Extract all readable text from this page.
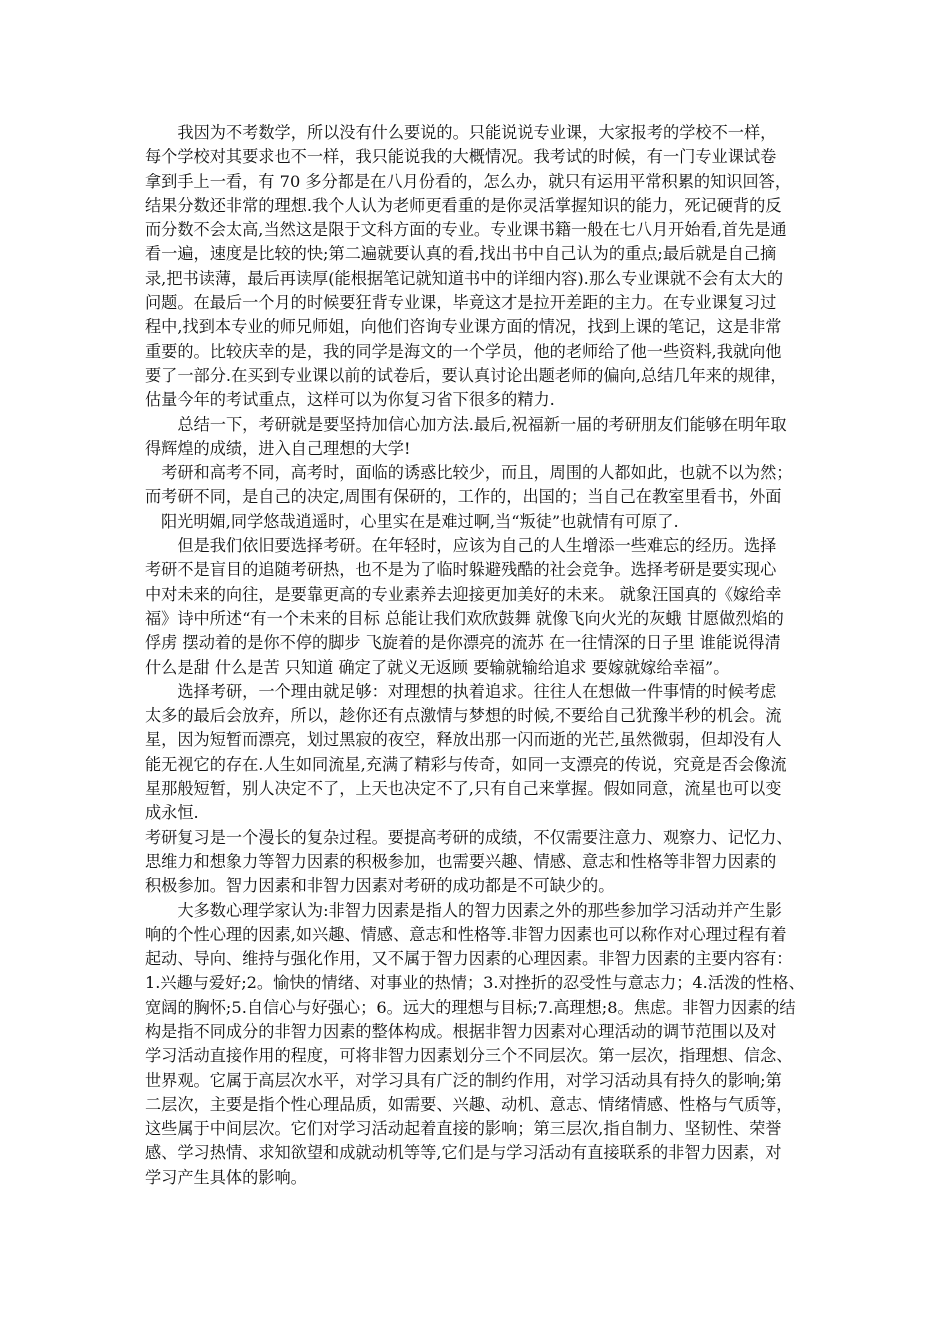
我因为不考数学，所以没有什么要说的。只能说说专业课，大家报考的学校不一样，
每个学校对其要求也不一样，我只能说我的大概情况。我考试的时候，有一门专业课试卷
拿到手上一看，有 70 多分都是在八月份看的，怎么办，就只有运用平常积累的知识回答，
结果分数还非常的理想.我个人认为老师更看重的是你灵活掌握知识的能力，死记硬背的反
而分数不会太高,当然这是限于文科方面的专业。专业课书籍一般在七八月开始看,首先是通
看一遍，速度是比较的快;第二遍就要认真的看,找出书中自己认为的重点;最后就是自己摘
录,把书读薄，最后再读厚(能根据笔记就知道书中的详细内容).那么专业课就不会有太大的
问题。在最后一个月的时候要狂背专业课，毕竟这才是拉开差距的主力。在专业课复习过
程中,找到本专业的师兄师姐，向他们咨询专业课方面的情况，找到上课的笔记，这是非常
重要的。比较庆幸的是，我的同学是海文的一个学员，他的老师给了他一些资料,我就向他
要了一部分.在买到专业课以前的试卷后，要认真讨论出题老师的偏向,总结几年来的规律，
估量今年的考试重点，这样可以为你复习省下很多的精力.
总结一下，考研就是要坚持加信心加方法.最后,祝福新一届的考研朋友们能够在明年取
得辉煌的成绩，进入自己理想的大学!
考研和高考不同，高考时，面临的诱惑比较少，而且，周围的人都如此，也就不以为然；
而考研不同，是自己的决定,周围有保研的，工作的，出国的；当自己在教室里看书，外面
阳光明媚,同学悠哉逍遥时，心里实在是难过啊,当“叛徒”也就情有可原了.
但是我们依旧要选择考研。在年轻时，应该为自己的人生增添一些难忘的经历。选择
考研不是盲目的追随考研热，也不是为了临时躲避残酷的社会竞争。选择考研是要实现心
中对未来的向往，是要靠更高的专业素养去迎接更加美好的未来。 就象汪国真的《嫁给幸
福》诗中所述“有一个未来的目标 总能让我们欢欣鼓舞 就像飞向火光的灰蛾 甘愿做烈焰的
俘虏 摆动着的是你不停的脚步 飞旋着的是你漂亮的流苏 在一往情深的日子里 谁能说得清
什么是甜 什么是苦 只知道 确定了就义无返顾 要输就输给追求 要嫁就嫁给幸福”。
选择考研，一个理由就足够：对理想的执着追求。往往人在想做一件事情的时候考虑
太多的最后会放弃，所以，趁你还有点激情与梦想的时候,不要给自己犹豫半秒的机会。流
星，因为短暂而漂亮，划过黑寂的夜空，释放出那一闪而逝的光芒,虽然微弱，但却没有人
能无视它的存在.人生如同流星,充满了精彩与传奇，如同一支漂亮的传说，究竟是否会像流
星那般短暂，别人决定不了，上天也决定不了,只有自己来掌握。假如同意，流星也可以变
成永恒.
考研复习是一个漫长的复杂过程。要提高考研的成绩，不仅需要注意力、观察力、记忆力、
思维力和想象力等智力因素的积极参加，也需要兴趣、情感、意志和性格等非智力因素的
积极参加。智力因素和非智力因素对考研的成功都是不可缺少的。
大多数心理学家认为:非智力因素是指人的智力因素之外的那些参加学习活动并产生影
响的个性心理的因素,如兴趣、情感、意志和性格等.非智力因素也可以称作对心理过程有着
起动、导向、维持与强化作用，又不属于智力因素的心理因素。非智力因素的主要内容有：
1.兴趣与爱好;2。愉快的情绪、对事业的热情；3.对挫折的忍受性与意志力；4.活泼的性格、
宽阔的胸怀;5.自信心与好强心；6。远大的理想与目标;7.高理想;8。焦虑。非智力因素的结
构是指不同成分的非智力因素的整体构成。根据非智力因素对心理活动的调节范围以及对
学习活动直接作用的程度，可将非智力因素划分三个不同层次。第一层次，指理想、信念、
世界观。它属于高层次水平，对学习具有广泛的制约作用，对学习活动具有持久的影响;第
二层次，主要是指个性心理品质，如需要、兴趣、动机、意志、情绪情感、性格与气质等，
这些属于中间层次。它们对学习活动起着直接的影响；第三层次,指自制力、坚韧性、荣誉
感、学习热情、求知欲望和成就动机等等,它们是与学习活动有直接联系的非智力因素，对
学习产生具体的影响。
